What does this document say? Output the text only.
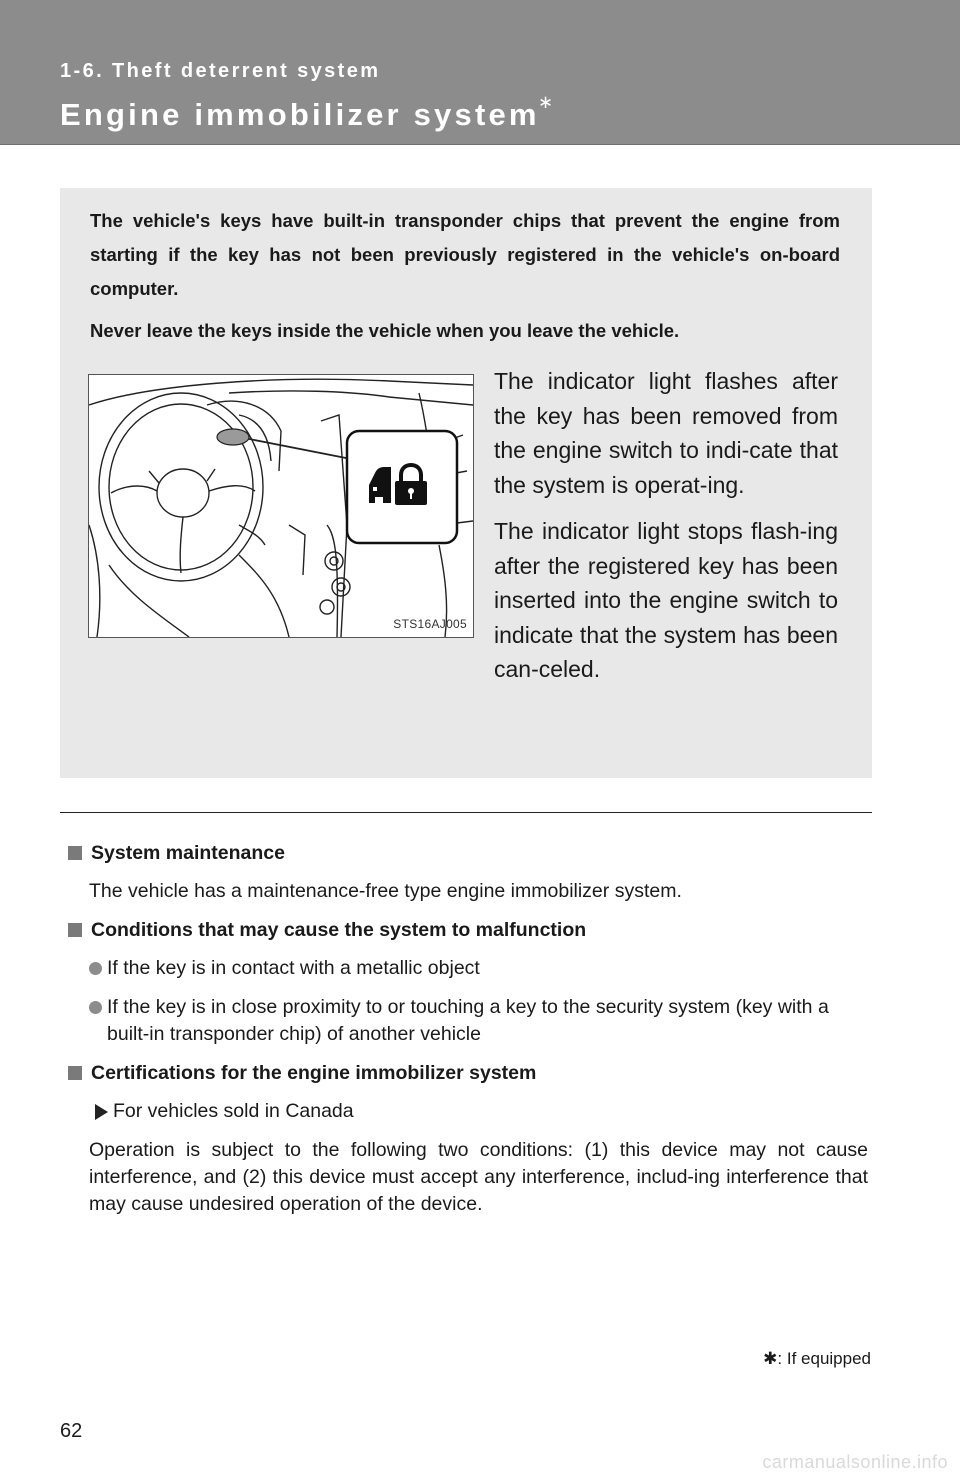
1-6. Theft deterrent system
Engine immobilizer system
∗

The vehicle's keys have built-in transponder chips that prevent the engine from starting if the key has not been previously registered in the vehicle's on-board computer.

Never leave the keys inside the vehicle when you leave the vehicle.

STS16AJ005

The indicator light flashes after the key has been removed from the engine switch to indi-cate that the system is operat-ing.

The indicator light stops flash-ing after the registered key has been inserted into the engine switch to indicate that the system has been can-celed.

System maintenance
The vehicle has a maintenance-free type engine immobilizer system.
Conditions that may cause the system to malfunction
If the key is in contact with a metallic object
If the key is in close proximity to or touching a key to the security system (key with a built-in transponder chip) of another vehicle
Certifications for the engine immobilizer system
For vehicles sold in Canada
Operation is subject to the following two conditions: (1) this device may not cause interference, and (2) this device must accept any interference, includ-ing interference that may cause undesired operation of the device.
✱: If equipped
62
carmanualsonline.info
